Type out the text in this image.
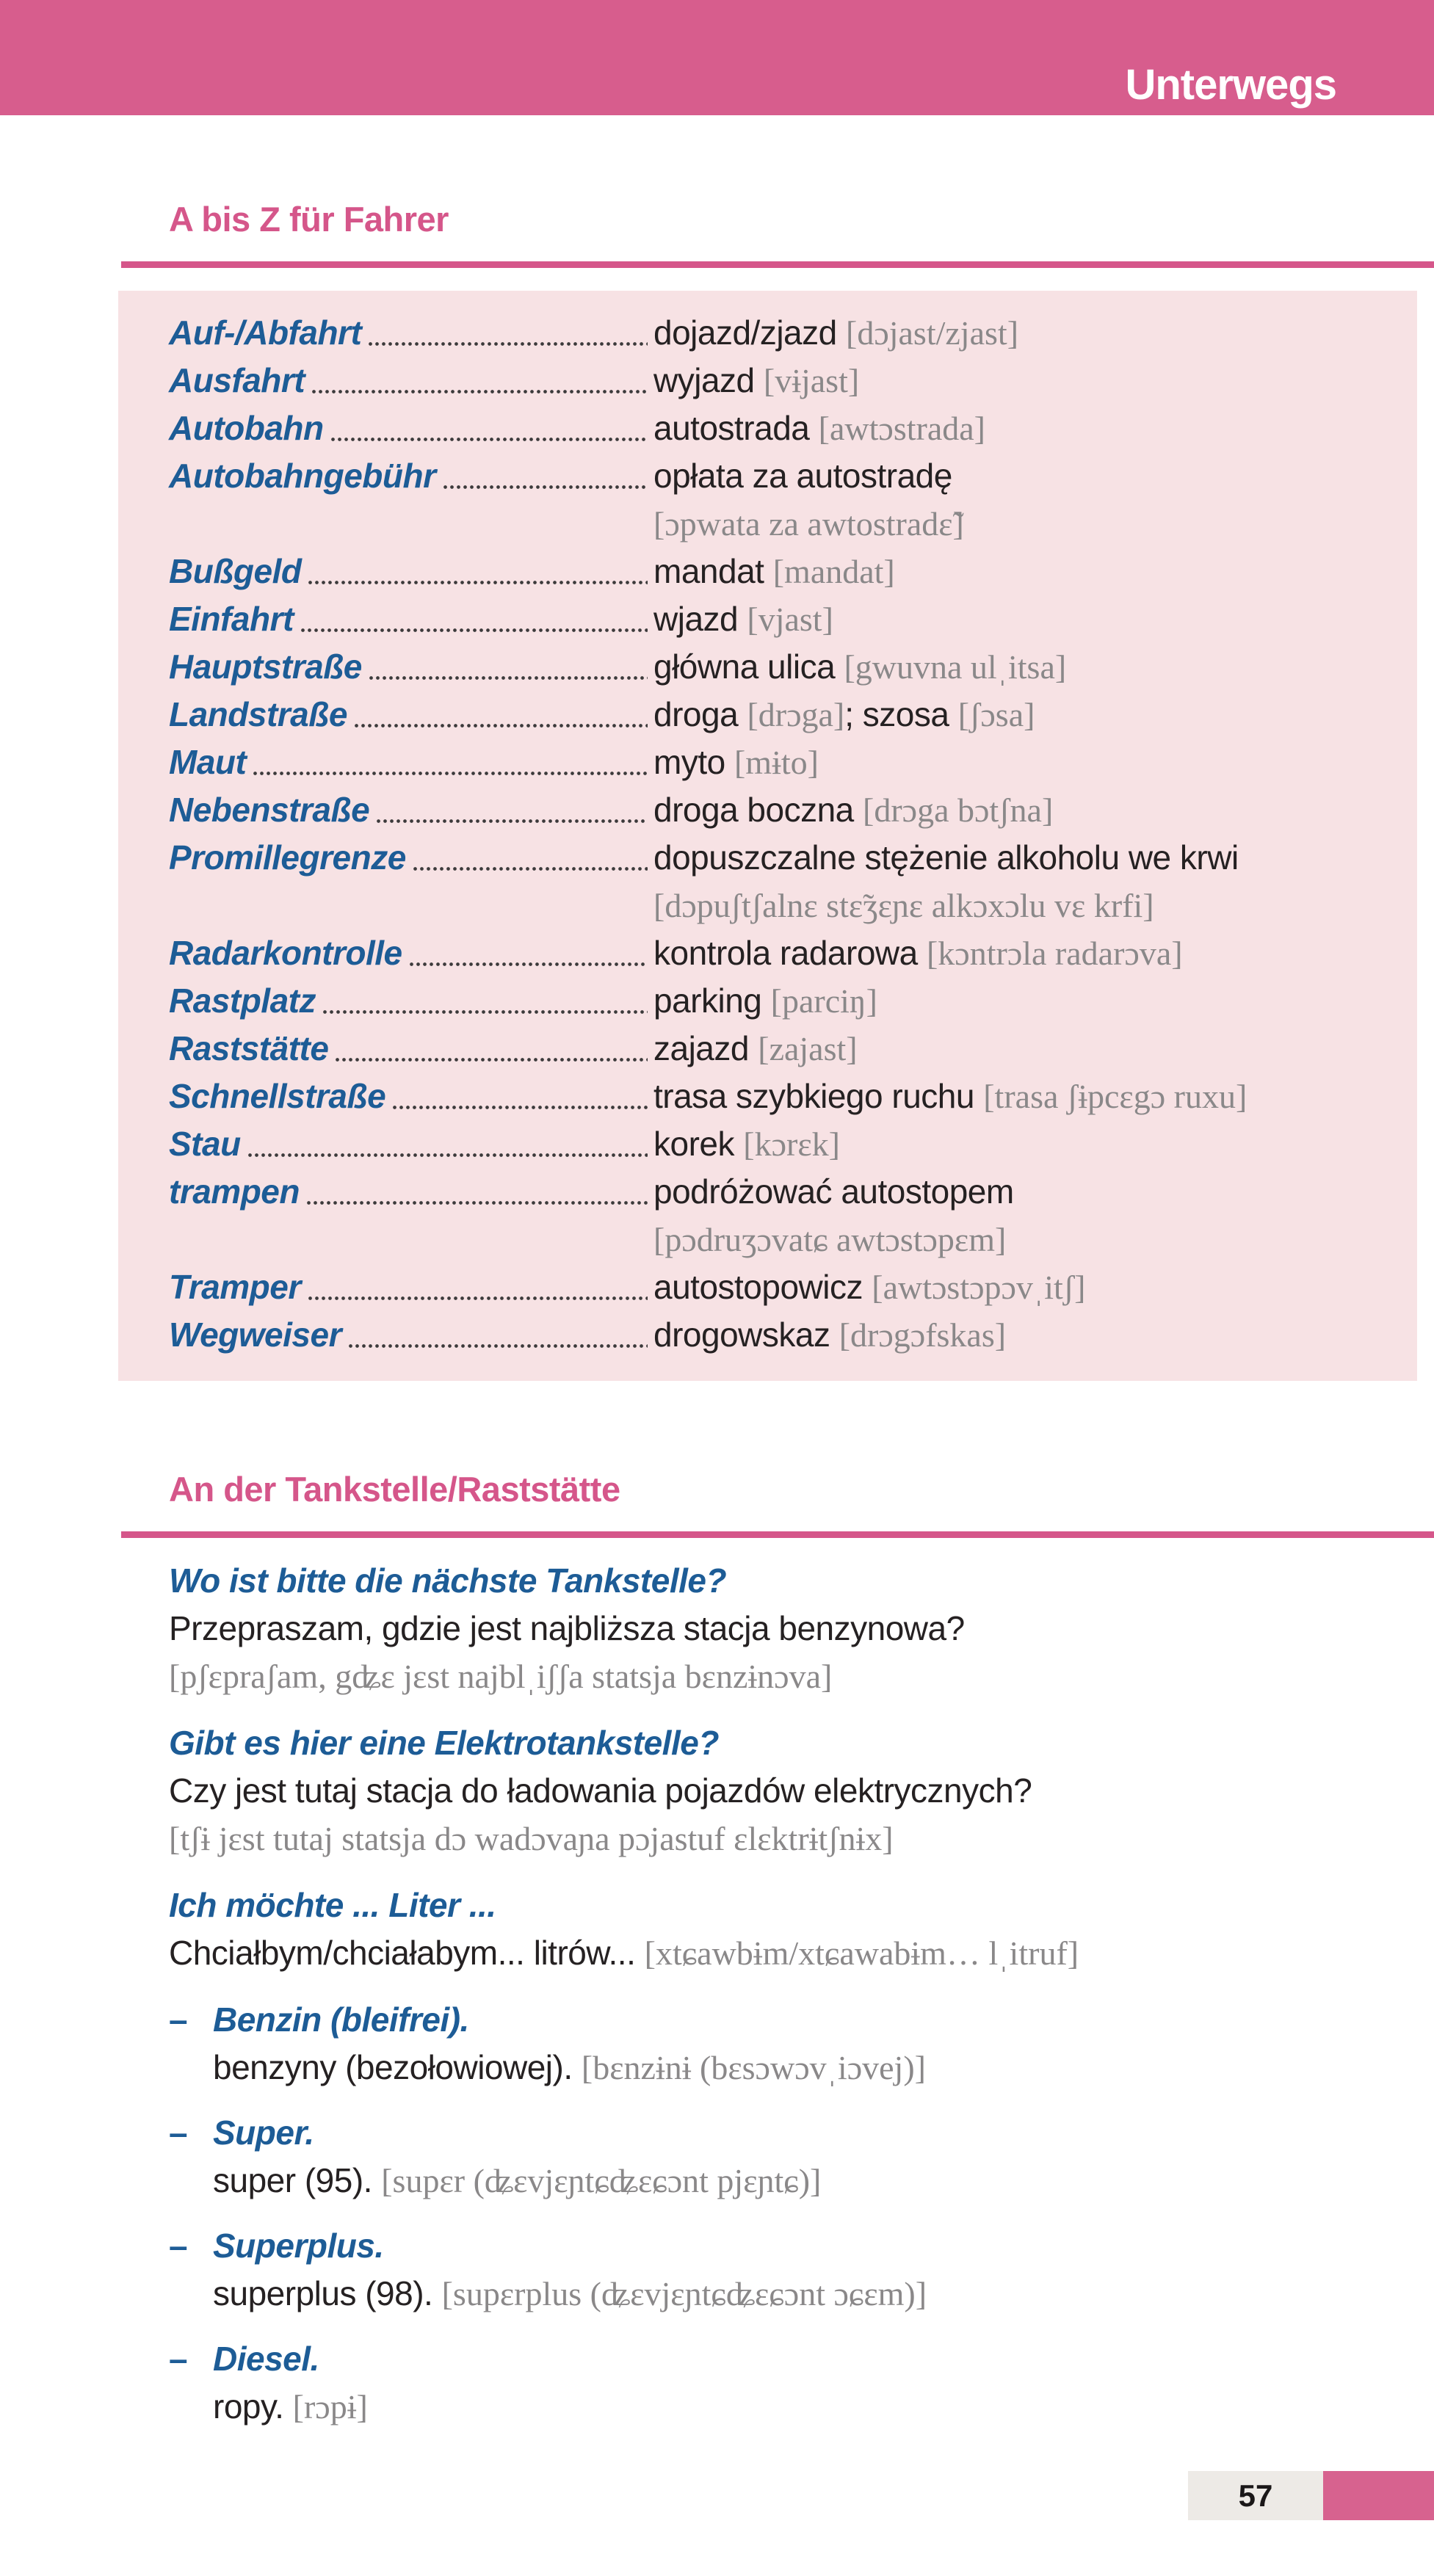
Unterwegs
A bis Z für Fahrer
Auf-/Abfahrt	dojazd/zjazd [dɔjast/zjast]
Ausfahrt	wyjazd [vɨjast]
Autobahn	autostrada [awtɔstrada]
Autobahngebühr	opłata za autostradę
[ɔpwata za awtostradɛ̃]
Bußgeld	mandat [mandat]
Einfahrt	wjazd [vjast]
Hauptstraße	główna ulica [gwuvna ulˌitsa]
Landstraße	droga [drɔga]; szosa [ʃɔsa]
Maut	myto [mɨto]
Nebenstraße	droga boczna [drɔga bɔtʃna]
Promillegrenze	dopuszczalne stężenie alkoholu we krwi
[dɔpuʃtʃalnɛ stɛ̃ʒɛɲɛ alkɔxɔlu vɛ krfi]
Radarkontrolle	kontrola radarowa [kɔntrɔla radarɔva]
Rastplatz	parking [parciŋ]
Raststätte	zajazd [zajast]
Schnellstraße	trasa szybkiego ruchu [trasa ʃɨpcɛgɔ ruxu]
Stau	korek [kɔrɛk]
trampen	podróżować autostopem
[pɔdruʒɔvatɕ awtɔstɔpɛm]
Tramper	autostopowicz [awtɔstɔpɔvˌitʃ]
Wegweiser	drogowskaz [drɔgɔfskas]
An der Tankstelle/Raststätte
Wo ist bitte die nächste Tankstelle?
Przepraszam, gdzie jest najbliższa stacja benzynowa?
[pʃɛpraʃam, gʥɛ jɛst najblˌiʃʃa statsja bɛnzɨnɔva]
Gibt es hier eine Elektrotankstelle?
Czy jest tutaj stacja do ładowania pojazdów elektrycznych?
[tʃɨ jɛst tutaj statsja dɔ wadɔvaɲa pɔjastuf ɛlɛktrɨtʃnɨx]
Ich möchte ... Liter ...
Chciałbym/chciałabym... litrów... [xtɕawbɨm/xtɕawabɨm… lˌitruf]
– Benzin (bleifrei).
benzyny (bezołowiowej). [bɛnzɨnɨ (bɛsɔwɔvˌiɔvej)]
– Super.
super (95). [supɛr (ʥɛvjɛɲtɕʥɛɕɔnt pjɛɲtɕ)]
– Superplus.
superplus (98). [supɛrplus (ʥɛvjɛɲtɕʥɛɕɔnt ɔɕɛm)]
– Diesel.
ropy. [rɔpɨ]
57
